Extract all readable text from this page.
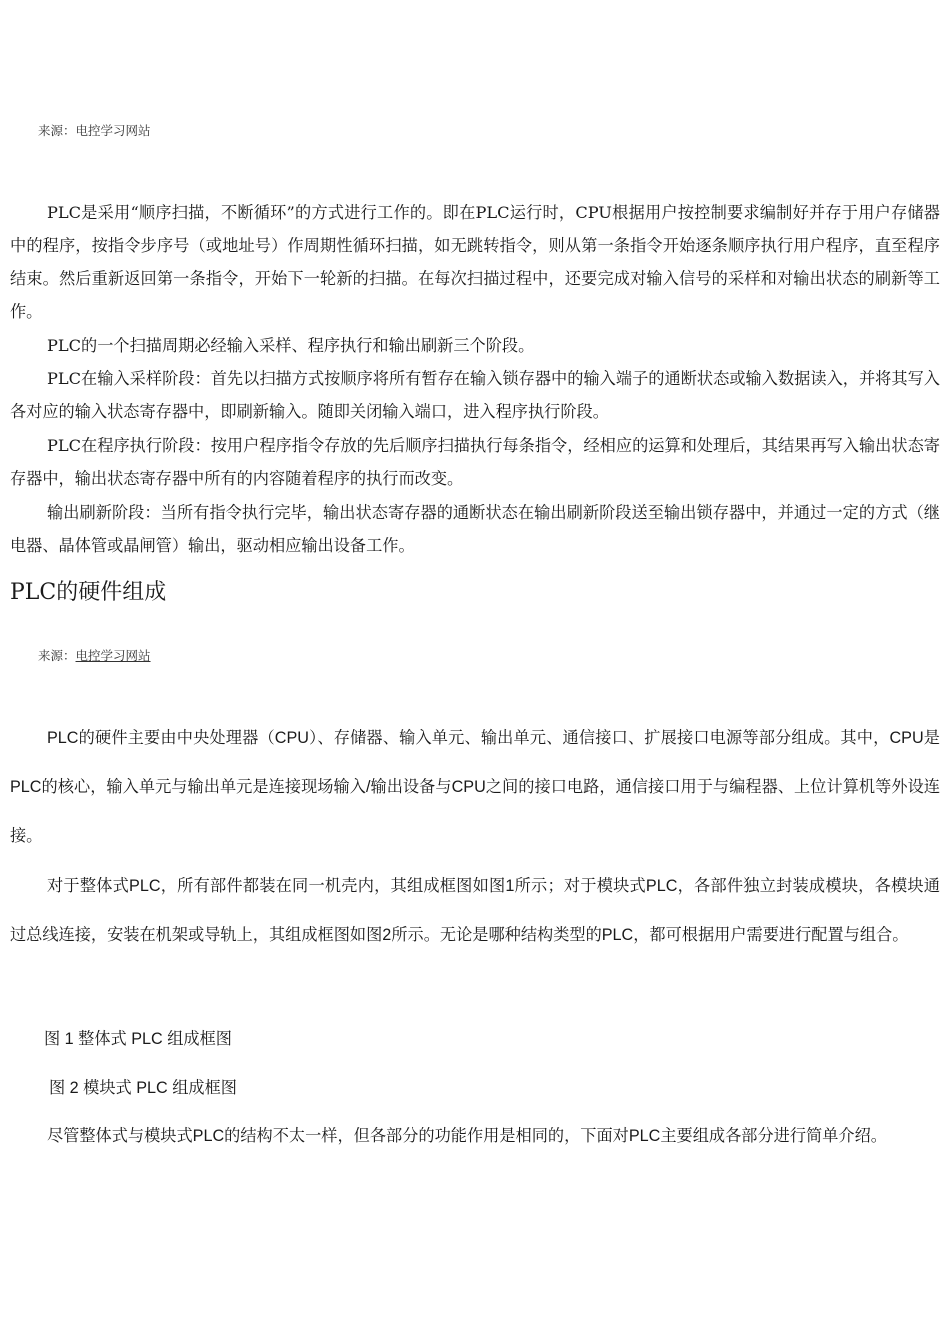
来源：电控学习网站

PLC是采用“顺序扫描，不断循环”的方式进行工作的。即在PLC运行时，CPU根据用户按控制要求编制好并存于用户存储器中的程序，按指令步序号（或地址号）作周期性循环扫描，如无跳转指令，则从第一条指令开始逐条顺序执行用户程序，直至程序结束。然后重新返回第一条指令，开始下一轮新的扫描。在每次扫描过程中，还要完成对输入信号的采样和对输出状态的刷新等工作。

PLC的一个扫描周期必经输入采样、程序执行和输出刷新三个阶段。

PLC在输入采样阶段：首先以扫描方式按顺序将所有暂存在输入锁存器中的输入端子的通断状态或输入数据读入，并将其写入各对应的输入状态寄存器中，即刷新输入。随即关闭输入端口，进入程序执行阶段。

PLC在程序执行阶段：按用户程序指令存放的先后顺序扫描执行每条指令，经相应的运算和处理后，其结果再写入输出状态寄存器中，输出状态寄存器中所有的内容随着程序的执行而改变。

输出刷新阶段：当所有指令执行完毕，输出状态寄存器的通断状态在输出刷新阶段送至输出锁存器中，并通过一定的方式（继电器、晶体管或晶闸管）输出，驱动相应输出设备工作。

PLC的硬件组成
来源：电控学习网站

PLC的硬件主要由中央处理器（CPU）、存储器、输入单元、输出单元、通信接口、扩展接口电源等部分组成。其中，CPU是PLC的核心，输入单元与输出单元是连接现场输入/输出设备与CPU之间的接口电路，通信接口用于与编程器、上位计算机等外设连接。

对于整体式PLC，所有部件都装在同一机壳内，其组成框图如图1所示；对于模块式PLC，各部件独立封装成模块，各模块通过总线连接，安装在机架或导轨上，其组成框图如图2所示。无论是哪种结构类型的PLC，都可根据用户需要进行配置与组合。

图 1 整体式 PLC 组成框图
图 2 模块式 PLC 组成框图

尽管整体式与模块式PLC的结构不太一样，但各部分的功能作用是相同的，下面对PLC主要组成各部分进行简单介绍。
